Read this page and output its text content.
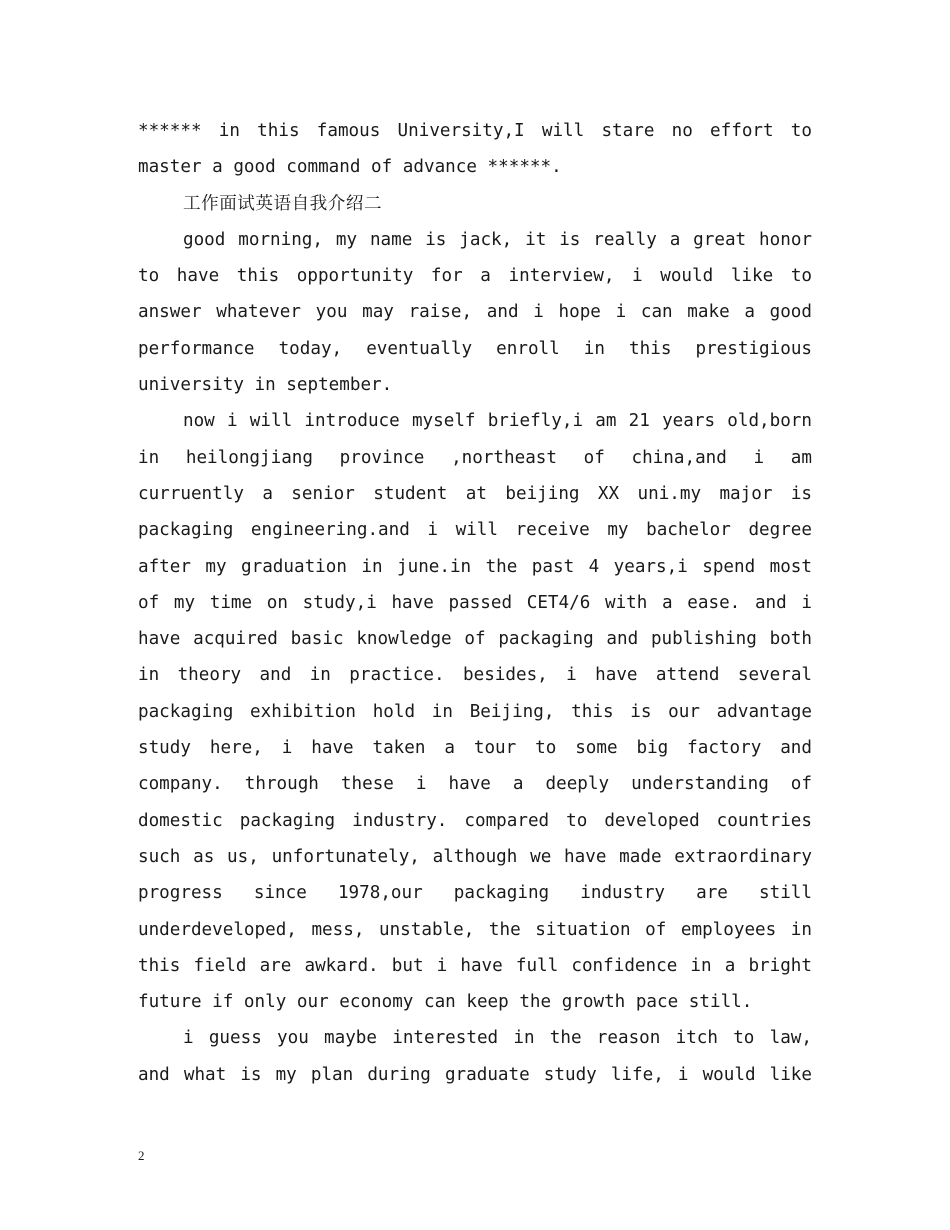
****** in this famous University,I will stare no effort to
master a good command of advance ******.
工作面试英语自我介绍二
good morning, my name is jack, it is really a great honor
to have this opportunity for a interview, i would like to
answer whatever you may raise, and i hope i can make a good
performance today, eventually enroll in this prestigious
university in september.
now i will introduce myself briefly,i am 21 years old,born
in heilongjiang province ,northeast of china,and i am
curruently a senior student at beijing XX uni.my major is
packaging engineering.and i will receive my bachelor degree
after my graduation in june.in the past 4 years,i spend most
of my time on study,i have passed CET4/6 with a ease. and i
have acquired basic knowledge of packaging and publishing both
in theory and in practice. besides, i have attend several
packaging exhibition hold in Beijing, this is our advantage
study here, i have taken a tour to some big factory and
company. through these i have a deeply understanding of
domestic packaging industry. compared to developed countries
such as us, unfortunately, although we have made extraordinary
progress since 1978,our packaging industry are still
underdeveloped, mess, unstable, the situation of employees in
this field are awkard. but i have full confidence in a bright
future if only our economy can keep the growth pace still.
i guess you maybe interested in the reason itch to law,
and what is my plan during graduate study life, i would like
2
